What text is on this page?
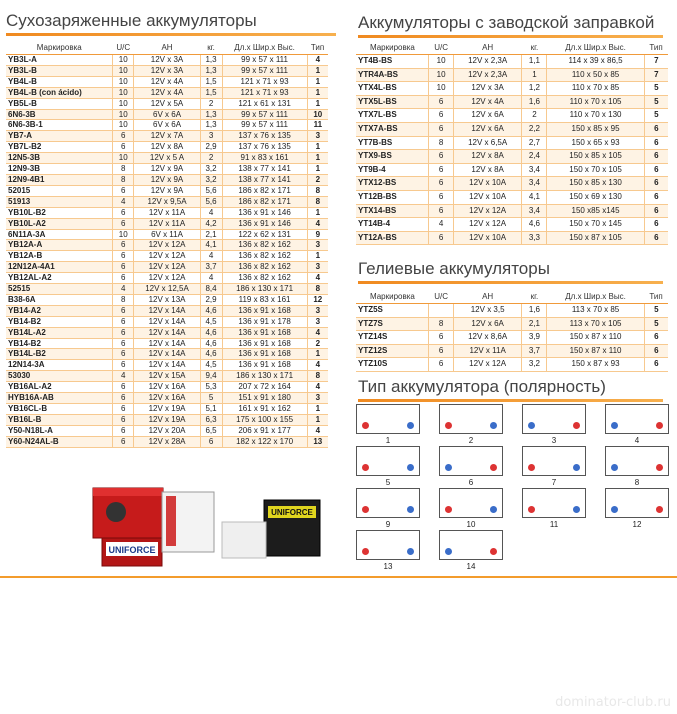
Сухозаряженные аккумуляторы
Маркировка	U/C	AH	кг.	Дл.х Шир.х Выс.	Тип
YB3L-A	10	12V x 3A	1,3	99 x 57 x 111	4
YB3L-B	10	12V x 3A	1,3	99 x 57 x 111	1
YB4L-B	10	12V x 4A	1,5	121 x 71 x 93	1
YB4L-B (con ácido)	10	12V x 4A	1,5	121 x 71 x 93	1
YB5L-B	10	12V x 5A	2	121 x 61 x 131	1
6N6-3B	10	6V x 6A	1,3	99 x 57 x 111	10
6N6-3B-1	10	6V x 6A	1,3	99 x 57 x 111	11
YB7-A	6	12V x 7A	3	137 x 76 x 135	3
YB7L-B2	6	12V x 8A	2,9	137 x 76 x 135	1
12N5-3B	10	12V x 5 A	2	91 x 83 x 161	1
12N9-3B	8	12V x 9A	3,2	138 x 77 x 141	1
12N9-4B1	8	12V x 9A	3,2	138 x 77 x 141	2
52015	6	12V x 9A	5,6	186 x 82 x 171	8
51913	4	12V x 9,5A	5,6	186 x 82 x 171	8
YB10L-B2	6	12V x 11A	4	136 x 91 x 146	1
YB10L-A2	6	12V x 11A	4,2	136 x 91 x 146	4
6N11A-3A	10	6V x 11A	2,1	122 x 62 x 131	9
YB12A-A	6	12V x 12A	4,1	136 x 82 x 162	3
YB12A-B	6	12V x 12A	4	136 x 82 x 162	1
12N12A-4A1	6	12V x 12A	3,7	136 x 82 x 162	3
YB12AL-A2	6	12V x 12A	4	136 x 82 x 162	4
52515	4	12V x 12,5A	8,4	186 x 130 x 171	8
B38-6A	8	12V x 13A	2,9	119 x 83 x 161	12
YB14-A2	6	12V x 14A	4,6	136 x 91 x 168	3
YB14-B2	6	12V x 14A	4,5	136 x 91 x 178	3
YB14L-A2	6	12V x 14A	4,6	136 x 91 x 168	4
YB14-B2	6	12V x 14A	4,6	136 x 91 x 168	2
YB14L-B2	6	12V x 14A	4,6	136 x 91 x 168	1
12N14-3A	6	12V x 14A	4,5	136 x 91 x 168	4
53030	4	12V x 15A	9,4	186 x 130 x 171	8
YB16AL-A2	6	12V x 16A	5,3	207 x 72 x 164	4
HYB16A-AB	6	12V x 16A	5	151 x 91 x 180	3
YB16CL-B	6	12V x 19A	5,1	161 x 91 x 162	1
YB16L-B	6	12V x 19A	6,3	175 x 100 x 155	1
Y50-N18L-A	6	12V x 20A	6,5	206 x 91 x 177	4
Y60-N24AL-B	6	12V x 28A	6	182 x 122 x 170	13
Аккумуляторы с заводской заправкой
Маркировка	U/C	AH	кг.	Дл.х Шир.х Выс.	Тип
YT4B-BS	10	12V x 2,3A	1,1	114 x 39 x 86,5	7
YTR4A-BS	10	12V x 2,3A	1	110 x 50 x 85	7
YTX4L-BS	10	12V x 3A	1,2	110 x 70 x 85	5
YTX5L-BS	6	12V x 4A	1,6	110 x 70 x 105	5
YTX7L-BS	6	12V x 6A	2	110 x 70 x 130	5
YTX7A-BS	6	12V x 6A	2,2	150 x 85 x 95	6
YT7B-BS	8	12V x 6,5A	2,7	150 x 65 x 93	6
YTX9-BS	6	12V x 8A	2,4	150 x 85 x 105	6
YT9B-4	6	12V x 8A	3,4	150 x 70 x 105	6
YTX12-BS	6	12V x 10A	3,4	150 x 85 x 130	6
YT12B-BS	6	12V x 10A	4,1	150 x 69 x 130	6
YTX14-BS	6	12V x 12A	3,4	150 x85 x145	6
YT14B-4	4	12V x 12A	4,6	150 x 70 x 145	6
YT12A-BS	6	12V x 10A	3,3	150 x 87 x 105	6
Гелиевые аккумуляторы
Маркировка	U/C	AH	кг.	Дл.х Шир.х Выс.	Тип
YTZ5S		12V x 3,5	1,6	113 x 70 x 85	5
YTZ7S	8	12V x 6A	2,1	113 x 70 x 105	5
YTZ14S	6	12V x 8,6A	3,9	150 x 87 x 110	6
YTZ12S	6	12V x 11A	3,7	150 x 87 x 110	6
YTZ10S	6	12V x 12A	3,2	150 x 87 x 93	6
Тип аккумулятора (полярность)
1	2	3	4
5	6	7	8
9	10	11	12
13	14
UNIFORCE
UNIFORCE
dominator-club.ru
